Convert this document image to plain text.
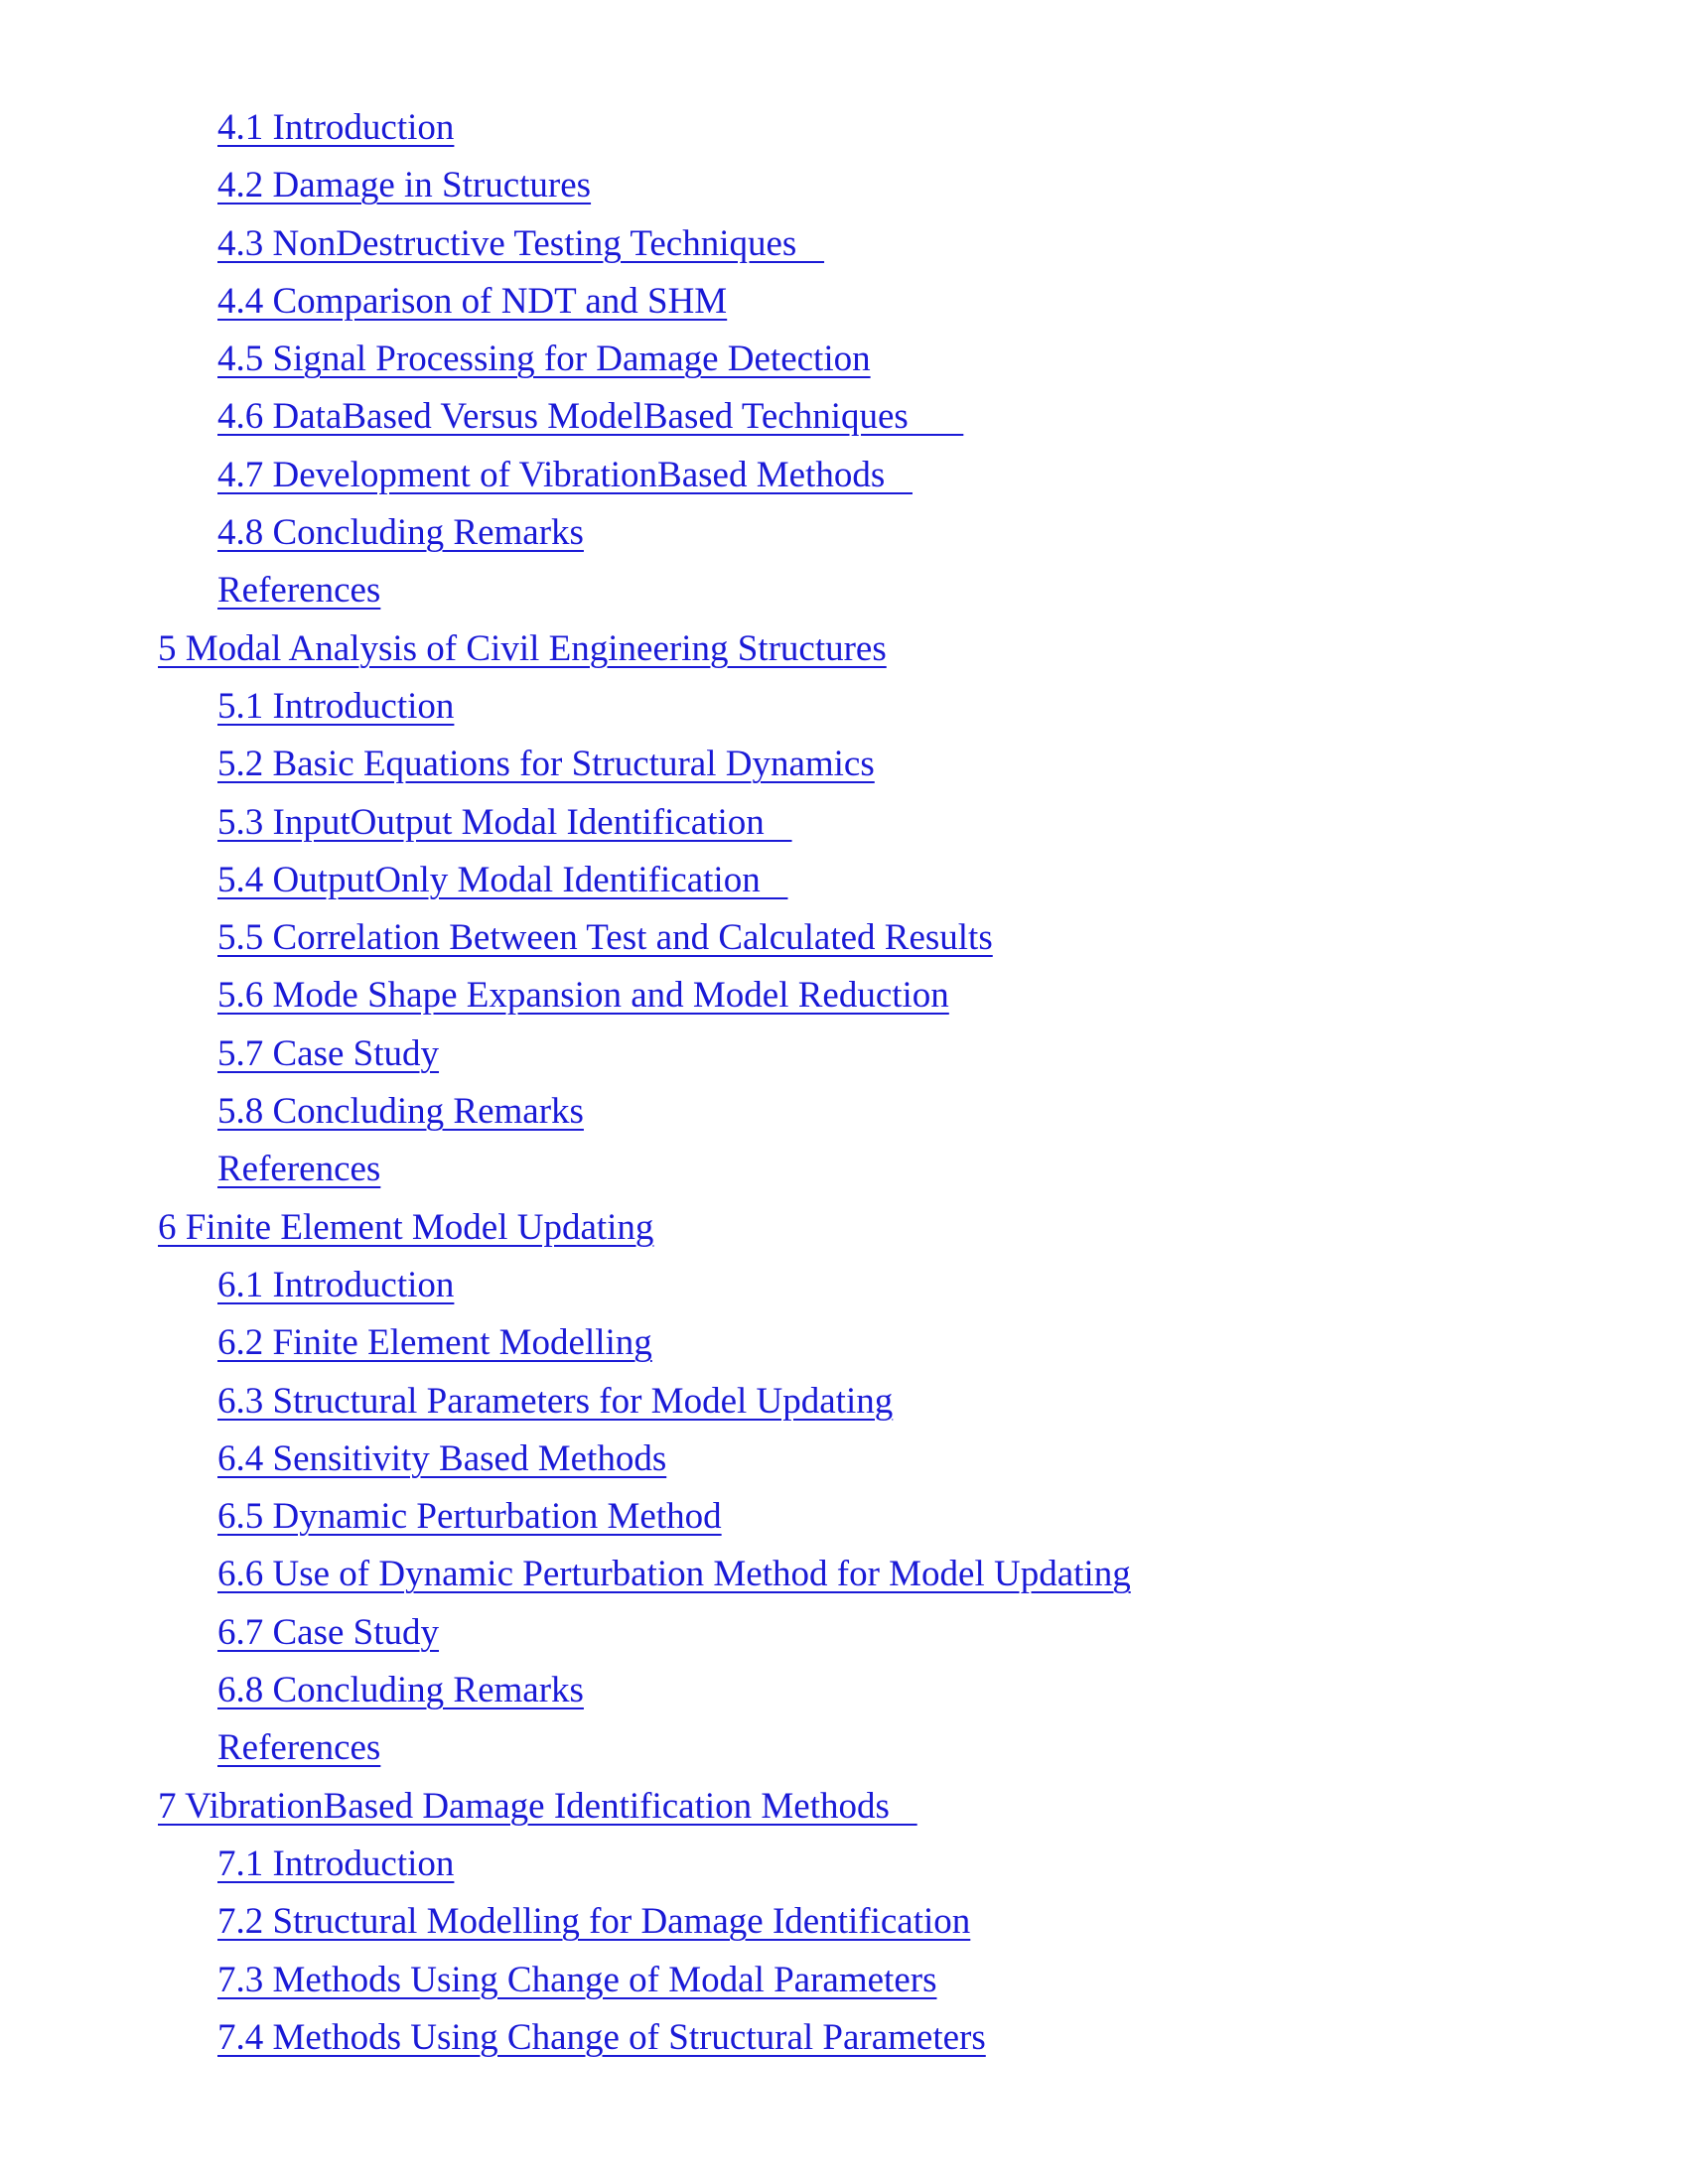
4.1 Introduction
4.2 Damage in Structures
4.3 NonDestructive Testing Techniques
4.4 Comparison of NDT and SHM
4.5 Signal Processing for Damage Detection
4.6 DataBased Versus ModelBased Techniques
4.7 Development of VibrationBased Methods
4.8 Concluding Remarks
References
5 Modal Analysis of Civil Engineering Structures
5.1 Introduction
5.2 Basic Equations for Structural Dynamics
5.3 InputOutput Modal Identification
5.4 OutputOnly Modal Identification
5.5 Correlation Between Test and Calculated Results
5.6 Mode Shape Expansion and Model Reduction
5.7 Case Study
5.8 Concluding Remarks
References
6 Finite Element Model Updating
6.1 Introduction
6.2 Finite Element Modelling
6.3 Structural Parameters for Model Updating
6.4 Sensitivity Based Methods
6.5 Dynamic Perturbation Method
6.6 Use of Dynamic Perturbation Method for Model Updating
6.7 Case Study
6.8 Concluding Remarks
References
7 VibrationBased Damage Identification Methods
7.1 Introduction
7.2 Structural Modelling for Damage Identification
7.3 Methods Using Change of Modal Parameters
7.4 Methods Using Change of Structural Parameters
